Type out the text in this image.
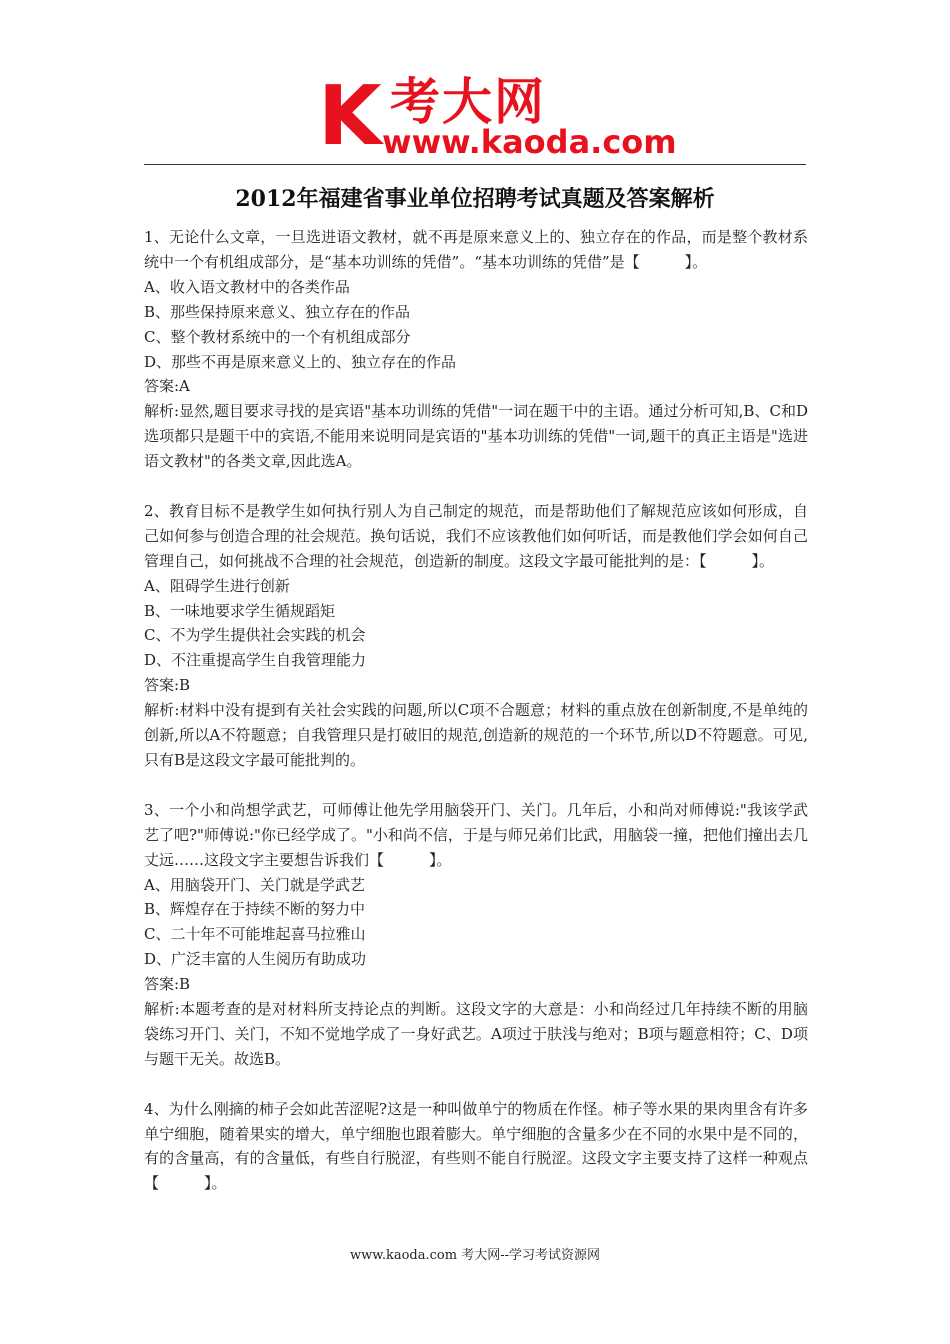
K 考大网
www.kaoda.com
2012年福建省事业单位招聘考试真题及答案解析

1、无论什么文章，一旦选进语文教材，就不再是原来意义上的、独立存在的作品，而是整个教材系统中一个有机组成部分，是“基本功训练的凭借”。“基本功训练的凭借”是【　　　】。

A、收入语文教材中的各类作品

B、那些保持原来意义、独立存在的作品

C、整个教材系统中的一个有机组成部分

D、那些不再是原来意义上的、独立存在的作品

答案:A

解析:显然,题目要求寻找的是宾语"基本功训练的凭借"一词在题干中的主语。通过分析可知,B、C和D选项都只是题干中的宾语,不能用来说明同是宾语的"基本功训练的凭借"一词,题干的真正主语是"选进语文教材"的各类文章,因此选A。

2、教育目标不是教学生如何执行别人为自己制定的规范，而是帮助他们了解规范应该如何形成，自己如何参与创造合理的社会规范。换句话说，我们不应该教他们如何听话，而是教他们学会如何自己管理自己，如何挑战不合理的社会规范，创造新的制度。这段文字最可能批判的是：【　　　】。

A、阻碍学生进行创新

B、一味地要求学生循规蹈矩

C、不为学生提供社会实践的机会

D、不注重提高学生自我管理能力

答案:B

解析:材料中没有提到有关社会实践的问题,所以C项不合题意；材料的重点放在创新制度,不是单纯的创新,所以A不符题意；自我管理只是打破旧的规范,创造新的规范的一个环节,所以D不符题意。可见,只有B是这段文字最可能批判的。

3、一个小和尚想学武艺，可师傅让他先学用脑袋开门、关门。几年后，小和尚对师傅说:"我该学武艺了吧?"师傅说:"你已经学成了。"小和尚不信，于是与师兄弟们比武，用脑袋一撞，把他们撞出去几丈远……这段文字主要想告诉我们【　　　】。

A、用脑袋开门、关门就是学武艺

B、辉煌存在于持续不断的努力中

C、二十年不可能堆起喜马拉雅山

D、广泛丰富的人生阅历有助成功

答案:B

解析:本题考查的是对材料所支持论点的判断。这段文字的大意是：小和尚经过几年持续不断的用脑袋练习开门、关门，不知不觉地学成了一身好武艺。A项过于肤浅与绝对；B项与题意相符；C、D项与题干无关。故选B。

4、为什么刚摘的柿子会如此苦涩呢?这是一种叫做单宁的物质在作怪。柿子等水果的果肉里含有许多单宁细胞，随着果实的增大，单宁细胞也跟着膨大。单宁细胞的含量多少在不同的水果中是不同的，有的含量高，有的含量低，有些自行脱涩，有些则不能自行脱涩。这段文字主要支持了这样一种观点【　　　】。

www.kaoda.com 考大网--学习考试资源网
